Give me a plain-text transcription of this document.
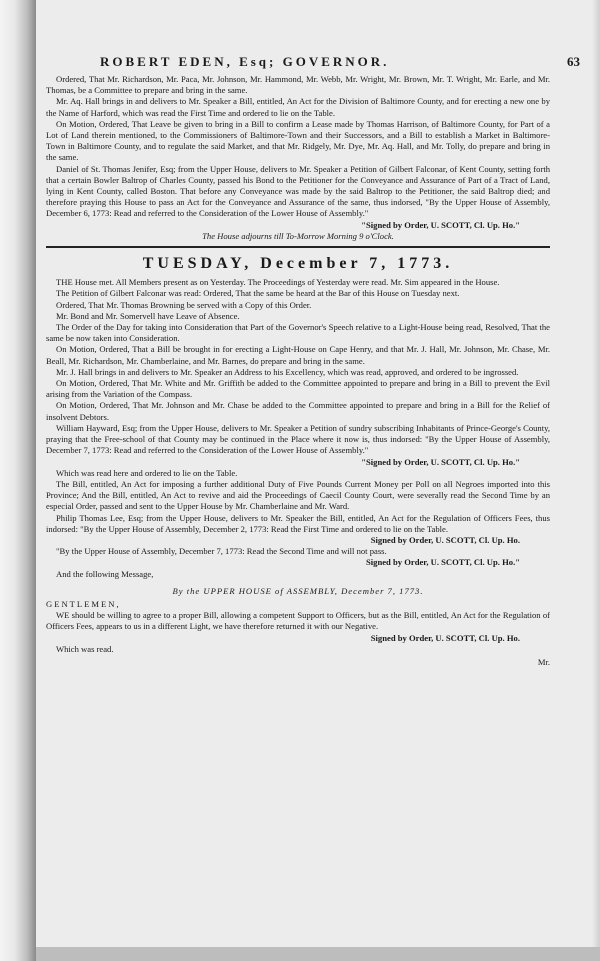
ROBERT EDEN, Esq; GOVERNOR.	63

Ordered, That Mr. Richardson, Mr. Paca, Mr. Johnson, Mr. Hammond, Mr. Webb, Mr. Wright, Mr. Brown, Mr. T. Wright, Mr. Earle, and Mr. Thomas, be a Committee to prepare and bring in the same.

Mr. Aq. Hall brings in and delivers to Mr. Speaker a Bill, entitled, An Act for the Division of Baltimore County, and for erecting a new one by the Name of Harford, which was read the First Time and ordered to lie on the Table.

On Motion, Ordered, That Leave be given to bring in a Bill to confirm a Lease made by Thomas Harrison, of Baltimore County, for Part of a Lot of Land therein mentioned, to the Commissioners of Baltimore-Town and their Successors, and a Bill to establish a Market in Baltimore-Town in Baltimore County, and to regulate the said Market, and that Mr. Ridgely, Mr. Dye, Mr. Aq. Hall, and Mr. Tolly, do prepare and bring in the same.

Daniel of St. Thomas Jenifer, Esq; from the Upper House, delivers to Mr. Speaker a Petition of Gilbert Falconar, of Kent County, setting forth that a certain Bowler Baltrop of Charles County, passed his Bond to the Petitioner for the Conveyance and Assurance of Part of a Tract of Land, lying in Kent County, called Boston. That before any Conveyance was made by the said Baltrop to the Petitioner, the said Baltrop died; and therefore praying this House to pass an Act for the Conveyance and Assurance of the same, thus indorsed, "By the Upper House of Assembly, December 6, 1773: Read and referred to the Consideration of the Lower House of Assembly."

"Signed by Order, U. SCOTT, Cl. Up. Ho."
The House adjourns till To-Morrow Morning 9 o'Clock.
TUESDAY, December 7, 1773.

THE House met. All Members present as on Yesterday. The Proceedings of Yesterday were read. Mr. Sim appeared in the House.

The Petition of Gilbert Falconar was read: Ordered, That the same be heard at the Bar of this House on Tuesday next.

Ordered, That Mr. Thomas Browning be served with a Copy of this Order.

Mr. Bond and Mr. Somervell have Leave of Absence.

The Order of the Day for taking into Consideration that Part of the Governor's Speech relative to a Light-House being read, Resolved, That the same be now taken into Consideration.

On Motion, Ordered, That a Bill be brought in for erecting a Light-House on Cape Henry, and that Mr. J. Hall, Mr. Johnson, Mr. Chase, Mr. Beall, Mr. Richardson, Mr. Chamberlaine, and Mr. Barnes, do prepare and bring in the same.

Mr. J. Hall brings in and delivers to Mr. Speaker an Address to his Excellency, which was read, approved, and ordered to be ingrossed.

On Motion, Ordered, That Mr. White and Mr. Griffith be added to the Committee appointed to prepare and bring in a Bill to prevent the Evil arising from the Variation of the Compass.

On Motion, Ordered, That Mr. Johnson and Mr. Chase be added to the Committee appointed to prepare and bring in a Bill for the Relief of insolvent Debtors.

William Hayward, Esq; from the Upper House, delivers to Mr. Speaker a Petition of sundry subscribing Inhabitants of Prince-George's County, praying that the Free-school of that County may be continued in the Place where it now is, thus indorsed: "By the Upper House of Assembly, December 7, 1773: Read and referred to the Consideration of the Lower House of Assembly."

"Signed by Order, U. SCOTT, Cl. Up. Ho."

Which was read here and ordered to lie on the Table.

The Bill, entitled, An Act for imposing a further additional Duty of Five Pounds Current Money per Poll on all Negroes imported into this Province; And the Bill, entitled, An Act to revive and aid the Proceedings of Caecil County Court, were severally read the Second Time by an especial Order, passed and sent to the Upper House by Mr. Chamberlaine and Mr. Ward.

Philip Thomas Lee, Esq; from the Upper House, delivers to Mr. Speaker the Bill, entitled, An Act for the Regulation of Officers Fees, thus indorsed: "By the Upper House of Assembly, December 2, 1773: Read the First Time and ordered to lie on the Table.

Signed by Order, U. SCOTT, Cl. Up. Ho.

"By the Upper House of Assembly, December 7, 1773: Read the Second Time and will not pass.

Signed by Order, U. SCOTT, Cl. Up. Ho."

And the following Message,

By the UPPER HOUSE of ASSEMBLY, December 7, 1773.
GENTLEMEN,

WE should be willing to agree to a proper Bill, allowing a competent Support to Officers, but as the Bill, entitled, An Act for the Regulation of Officers Fees, appears to us in a different Light, we have therefore returned it with our Negative.

Signed by Order, U. SCOTT, Cl. Up. Ho.

Which was read.

Mr.
